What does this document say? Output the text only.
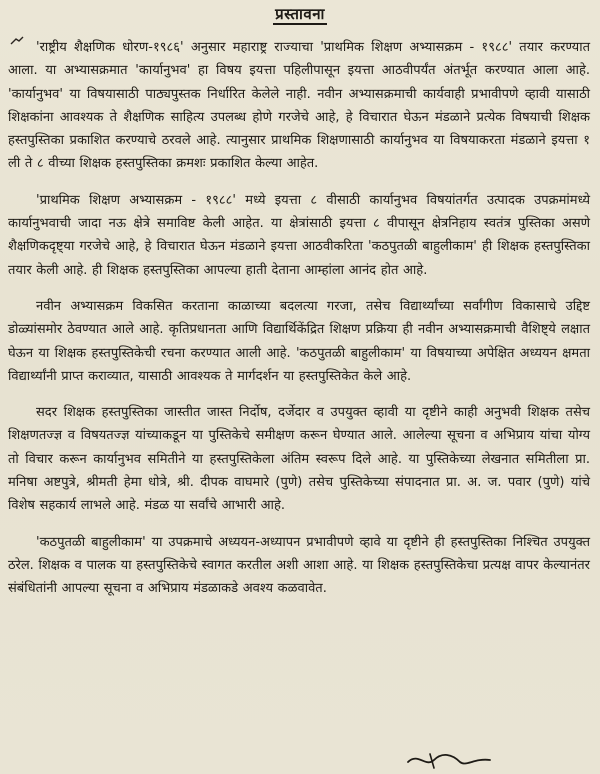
प्रस्तावना

'राष्ट्रीय शैक्षणिक धोरण-१९८६' अनुसार महाराष्ट्र राज्याचा 'प्राथमिक शिक्षण अभ्यासक्रम - १९८८' तयार करण्यात आला. या अभ्यासक्रमात 'कार्यानुभव' हा विषय इयत्ता पहिलीपासून इयत्ता आठवीपर्यंत अंतर्भूत करण्यात आला आहे. 'कार्यानुभव' या विषयासाठी पाठ्यपुस्तक निर्धारित केलेले नाही. नवीन अभ्यासक्रमाची कार्यवाही प्रभावीपणे व्हावी यासाठी शिक्षकांना आवश्यक ते शैक्षणिक साहित्य उपलब्ध होणे गरजेचे आहे, हे विचारात घेऊन मंडळाने प्रत्येक विषयाची शिक्षक हस्तपुस्तिका प्रकाशित करण्याचे ठरवले आहे. त्यानुसार प्राथमिक शिक्षणासाठी कार्यानुभव या विषयाकरता मंडळाने इयत्ता १ ली ते ८ वीच्या शिक्षक हस्तपुस्तिका क्रमशः प्रकाशित केल्या आहेत.

'प्राथमिक शिक्षण अभ्यासक्रम - १९८८' मध्ये इयत्ता ८ वीसाठी कार्यानुभव विषयांतर्गत उत्पादक उपक्रमांमध्ये कार्यानुभवाची जादा नऊ क्षेत्रे समाविष्ट केली आहेत. या क्षेत्रांसाठी इयत्ता ८ वीपासून क्षेत्रनिहाय स्वतंत्र पुस्तिका असणे शैक्षणिकदृष्ट्या गरजेचे आहे, हे विचारात घेऊन मंडळाने इयत्ता आठवीकरिता 'कठपुतळी बाहुलीकाम' ही शिक्षक हस्तपुस्तिका तयार केली आहे. ही शिक्षक हस्तपुस्तिका आपल्या हाती देताना आम्हांला आनंद होत आहे.

नवीन अभ्यासक्रम विकसित करताना काळाच्या बदलत्या गरजा, तसेच विद्यार्थ्यांच्या सर्वांगीण विकासाचे उद्दिष्ट डोळ्यांसमोर ठेवण्यात आले आहे. कृतिप्रधानता आणि विद्यार्थिकेंद्रित शिक्षण प्रक्रिया ही नवीन अभ्यासक्रमाची वैशिष्ट्ये लक्षात घेऊन या शिक्षक हस्तपुस्तिकेची रचना करण्यात आली आहे. 'कठपुतळी बाहुलीकाम' या विषयाच्या अपेक्षित अध्ययन क्षमता विद्यार्थ्यांनी प्राप्त कराव्यात, यासाठी आवश्यक ते मार्गदर्शन या हस्तपुस्तिकेत केले आहे.

सदर शिक्षक हस्तपुस्तिका जास्तीत जास्त निर्दोष, दर्जेदार व उपयुक्त व्हावी या दृष्टीने काही अनुभवी शिक्षक तसेच शिक्षणतज्ज्ञ व विषयतज्ज्ञ यांच्याकडून या पुस्तिकेचे समीक्षण करून घेण्यात आले. आलेल्या सूचना व अभिप्राय यांचा योग्य तो विचार करून कार्यानुभव समितीने या हस्तपुस्तिकेला अंतिम स्वरूप दिले आहे. या पुस्तिकेच्या लेखनात समितीला प्रा. मनिषा अष्टपुत्रे, श्रीमती हेमा धोत्रे, श्री. दीपक वाघमारे (पुणे) तसेच पुस्तिकेच्या संपादनात प्रा. अ. ज. पवार (पुणे) यांचे विशेष सहकार्य लाभले आहे. मंडळ या सर्वांचे आभारी आहे.

'कठपुतळी बाहुलीकाम' या उपक्रमाचे अध्ययन-अध्यापन प्रभावीपणे व्हावे या दृष्टीने ही हस्तपुस्तिका निश्चित उपयुक्त ठरेल. शिक्षक व पालक या हस्तपुस्तिकेचे स्वागत करतील अशी आशा आहे. या शिक्षक हस्तपुस्तिकेचा प्रत्यक्ष वापर केल्यानंतर संबंधितांनी आपल्या सूचना व अभिप्राय मंडळाकडे अवश्य कळवावेत.
